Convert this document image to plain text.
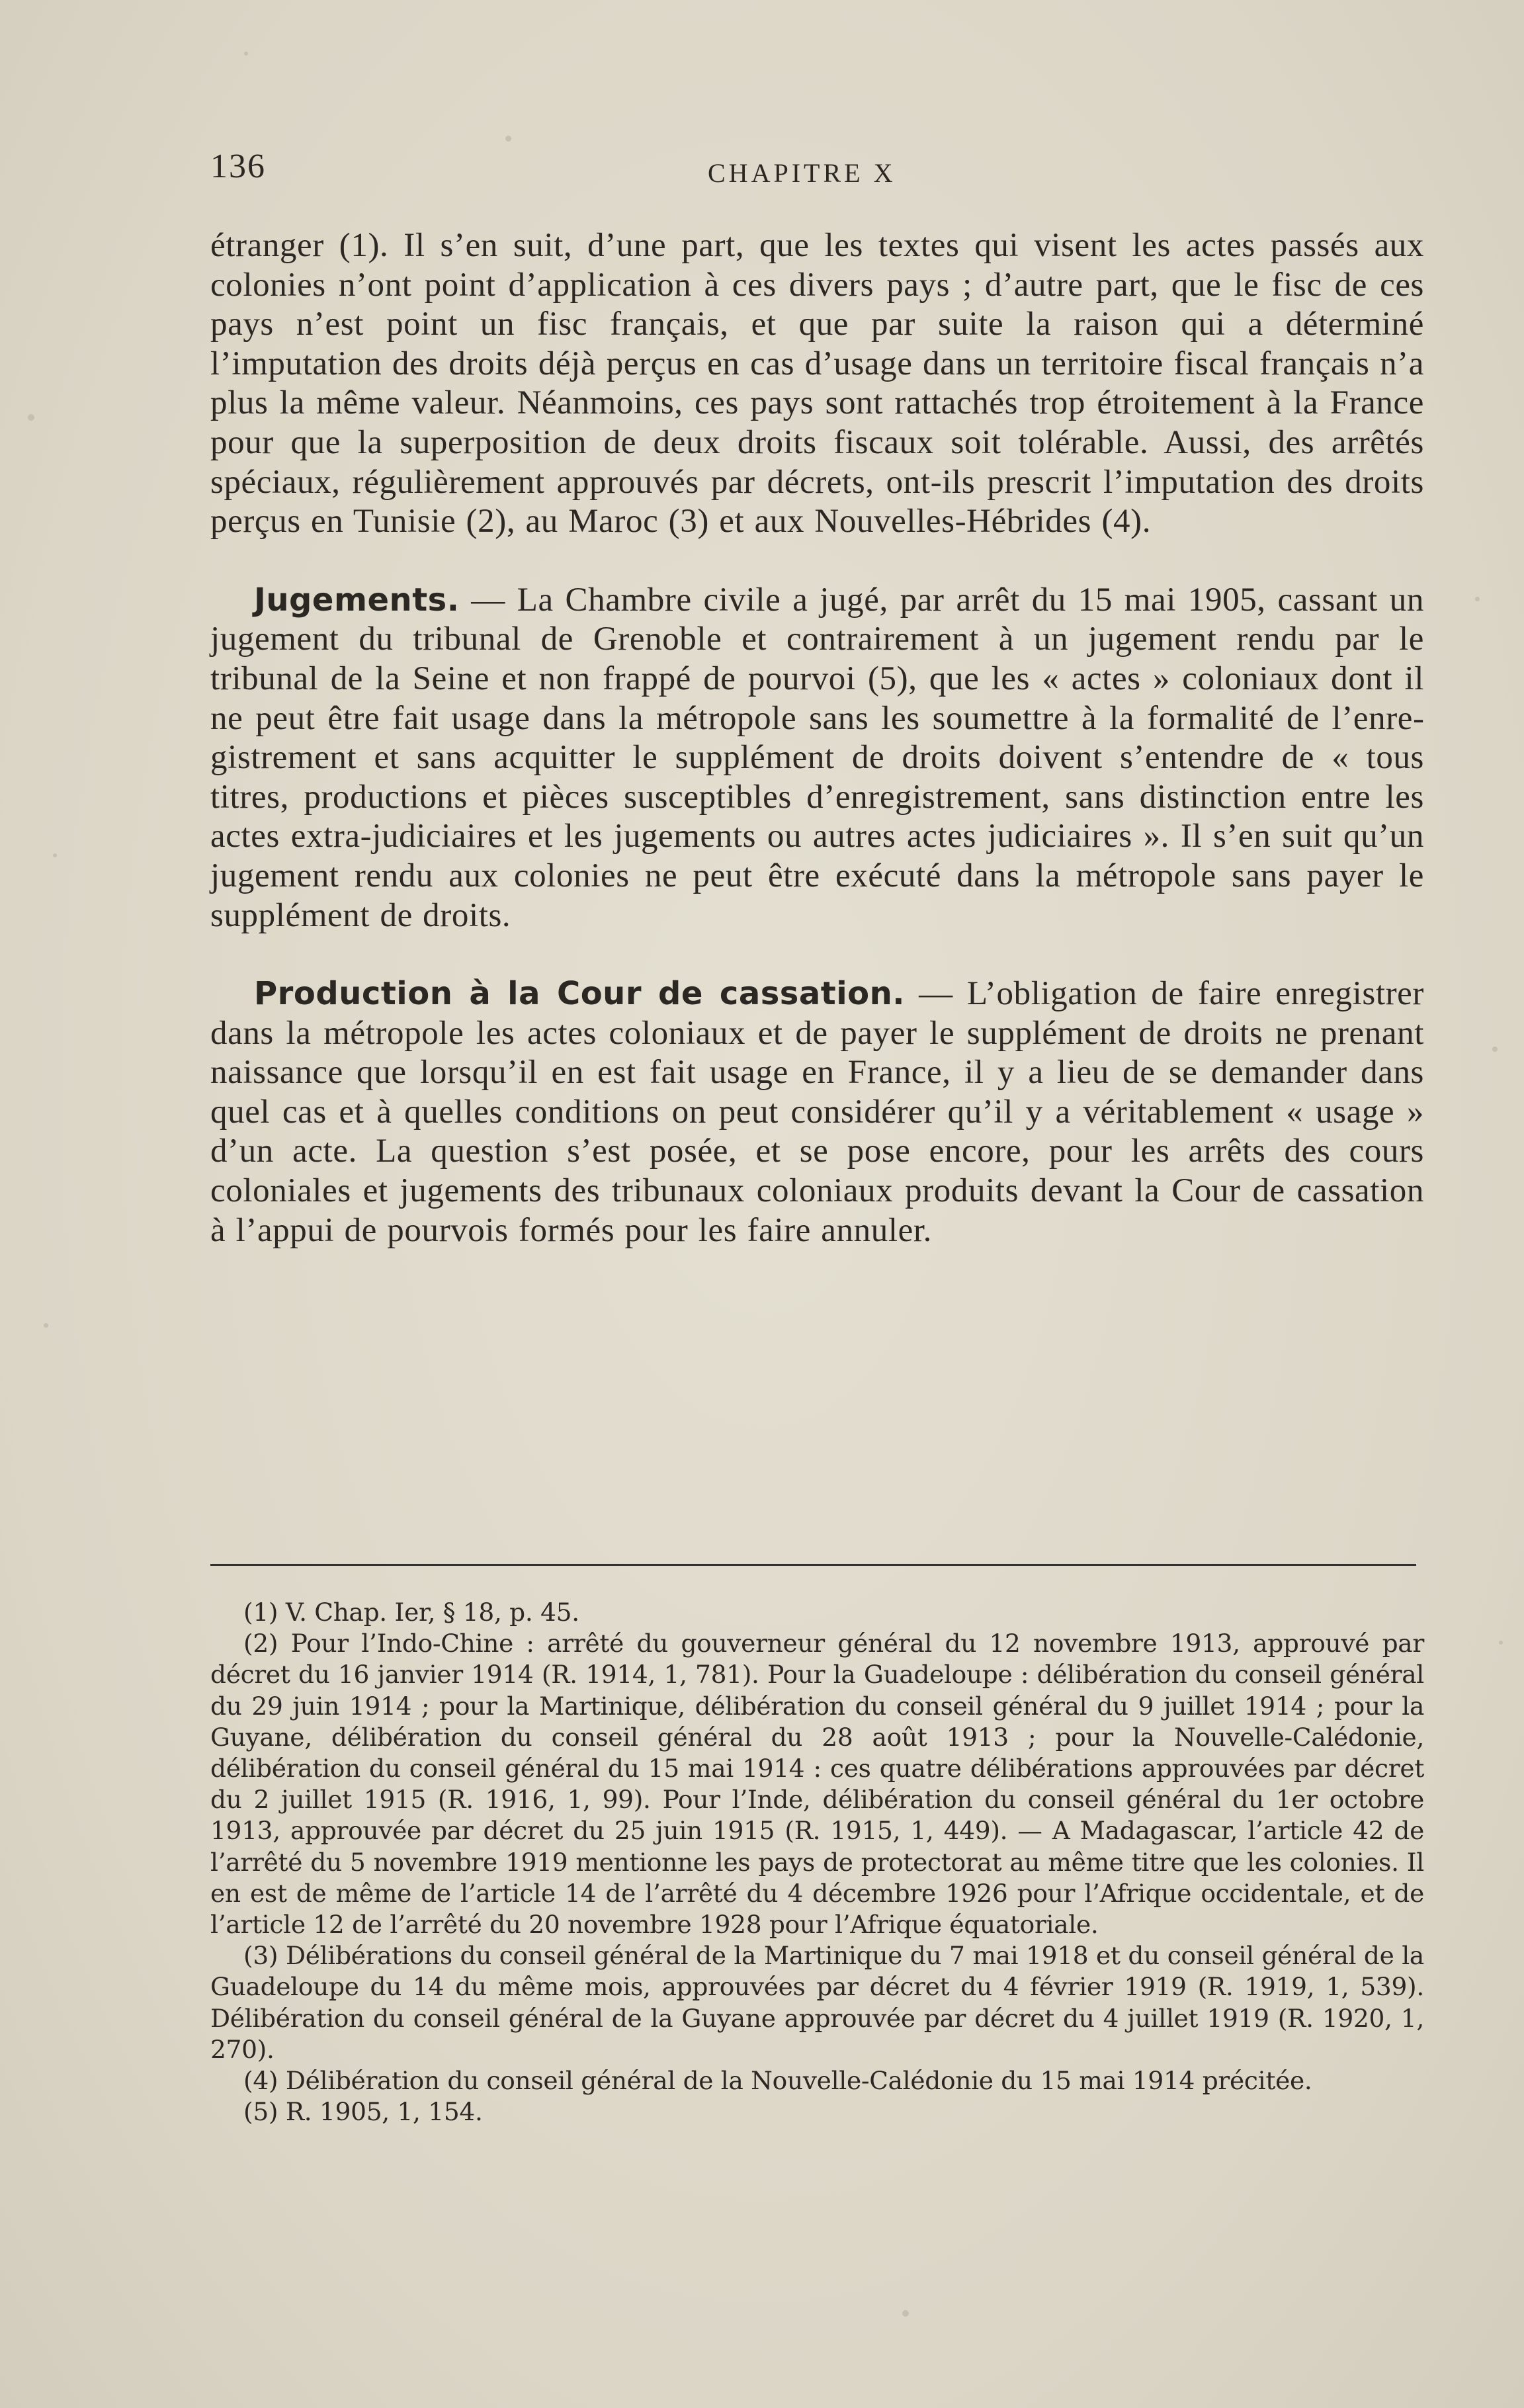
136	CHAPITRE X

étranger (1). Il s’en suit, d’une part, que les textes qui visent les actes passés aux colonies n’ont point d’application à ces divers pays ; d’autre part, que le fisc de ces pays n’est point un fisc français, et que par suite la raison qui a déterminé l’imputation des droits déjà perçus en cas d’usage dans un territoire fiscal français n’a plus la même valeur. Néanmoins, ces pays sont rattachés trop étroitement à la France pour que la superposition de deux droits fiscaux soit tolérable. Aussi, des arrêtés spéciaux, régulièrement approuvés par décrets, ont-ils prescrit l’imputation des droits perçus en Tunisie (2), au Maroc (3) et aux Nouvelles-Hébrides (4).

Jugements. — La Chambre civile a jugé, par arrêt du 15 mai 1905, cassant un jugement du tribunal de Grenoble et contrairement à un jugement rendu par le tribunal de la Seine et non frappé de pourvoi (5), que les « actes » coloniaux dont il ne peut être fait usage dans la métropole sans les soumettre à la formalité de l’enregistrement et sans acquitter le supplément de droits doivent s’entendre de « tous titres, productions et pièces susceptibles d’enregistrement, sans distinction entre les actes extra-judiciaires et les jugements ou autres actes judiciaires ». Il s’en suit qu’un jugement rendu aux colonies ne peut être exécuté dans la métropole sans payer le supplément de droits.

Production à la Cour de cassation. — L’obligation de faire enregistrer dans la métropole les actes coloniaux et de payer le supplément de droits ne prenant naissance que lorsqu’il en est fait usage en France, il y a lieu de se demander dans quel cas et à quelles conditions on peut considérer qu’il y a véritablement « usage » d’un acte. La question s’est posée, et se pose encore, pour les arrêts des cours coloniales et jugements des tribunaux coloniaux produits devant la Cour de cassation à l’appui de pourvois formés pour les faire annuler.

(1) V. Chap. Ier, § 18, p. 45.

(2) Pour l’Indo-Chine : arrêté du gouverneur général du 12 novembre 1913, approuvé par décret du 16 janvier 1914 (R. 1914, 1, 781). Pour la Guadeloupe : délibération du conseil général du 29 juin 1914 ; pour la Martinique, délibération du conseil général du 9 juillet 1914 ; pour la Guyane, délibération du conseil général du 28 août 1913 ; pour la Nouvelle-Calédonie, délibération du conseil général du 15 mai 1914 : ces quatre délibérations approuvées par décret du 2 juillet 1915 (R. 1916, 1, 99). Pour l’Inde, délibération du conseil général du 1er octobre 1913, approuvée par décret du 25 juin 1915 (R. 1915, 1, 449). — A Madagascar, l’article 42 de l’arrêté du 5 novembre 1919 mentionne les pays de protectorat au même titre que les colonies. Il en est de même de l’article 14 de l’arrêté du 4 décembre 1926 pour l’Afrique occidentale, et de l’article 12 de l’arrêté du 20 novembre 1928 pour l’Afrique équatoriale.

(3) Délibérations du conseil général de la Martinique du 7 mai 1918 et du conseil général de la Guadeloupe du 14 du même mois, approuvées par décret du 4 février 1919 (R. 1919, 1, 539). Délibération du conseil général de la Guyane approuvée par décret du 4 juillet 1919 (R. 1920, 1, 270).

(4) Délibération du conseil général de la Nouvelle-Calédonie du 15 mai 1914 précitée.

(5) R. 1905, 1, 154.
